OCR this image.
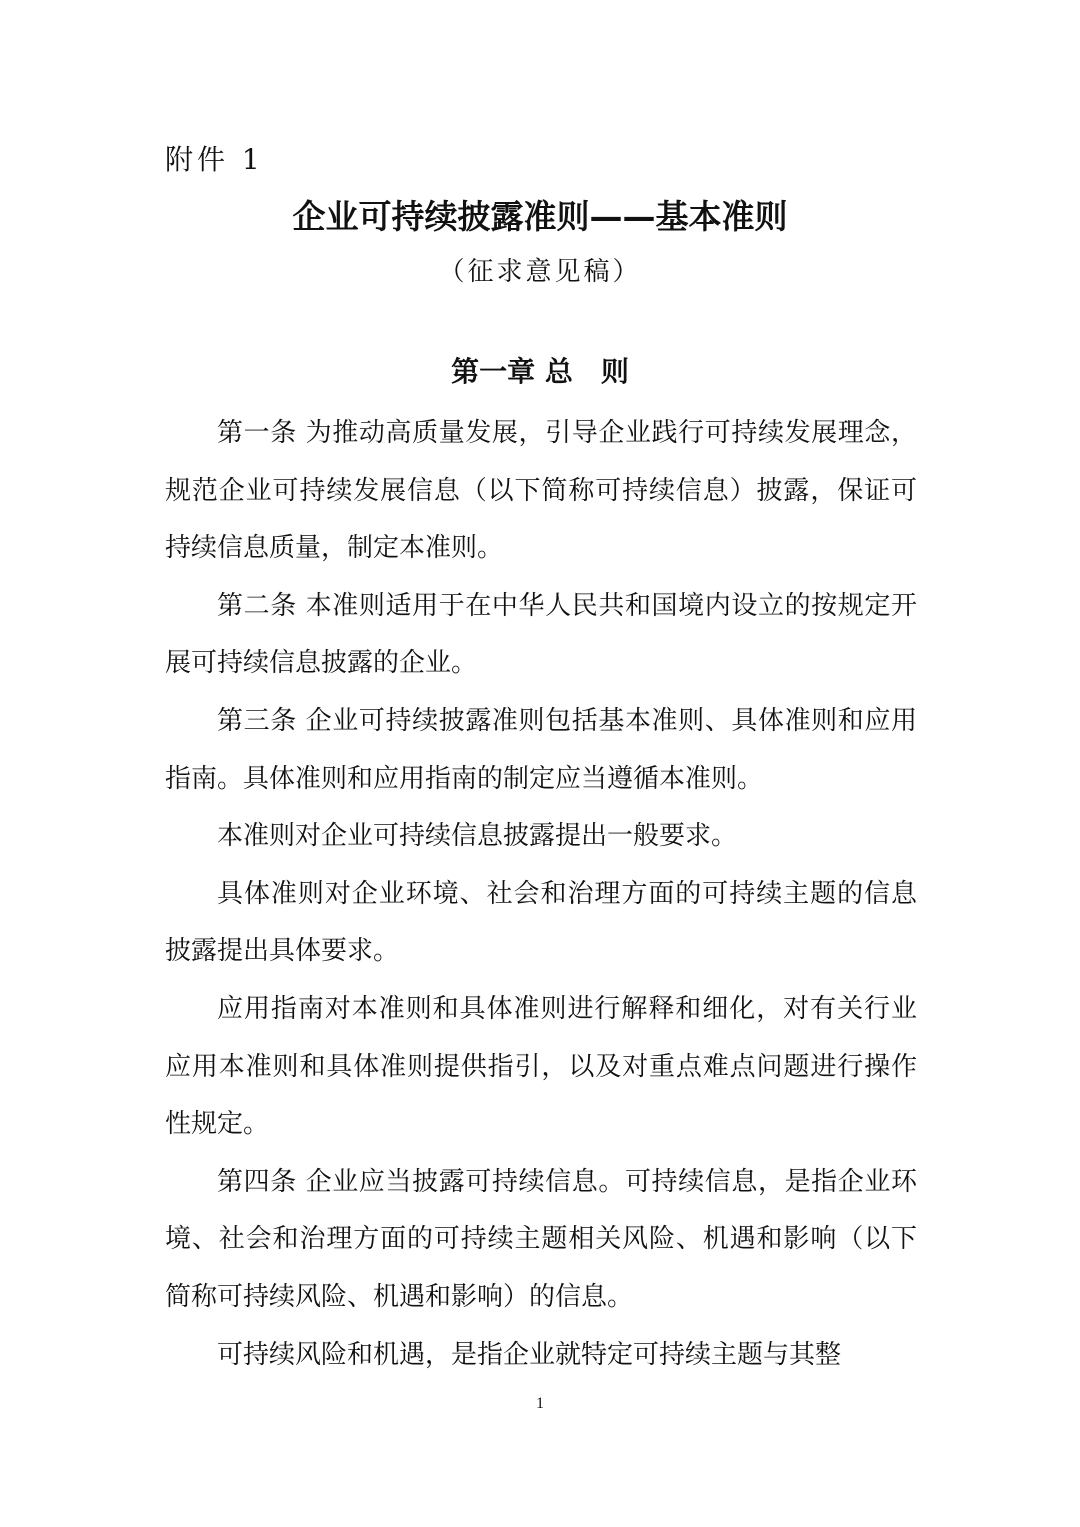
附件 1
企业可持续披露准则——基本准则
（征求意见稿）
第一章 总　则

第一条 为推动高质量发展，引导企业践行可持续发展理念，规范企业可持续发展信息（以下简称可持续信息）披露，保证可持续信息质量，制定本准则。

第二条 本准则适用于在中华人民共和国境内设立的按规定开展可持续信息披露的企业。

第三条 企业可持续披露准则包括基本准则、具体准则和应用指南。具体准则和应用指南的制定应当遵循本准则。

本准则对企业可持续信息披露提出一般要求。

具体准则对企业环境、社会和治理方面的可持续主题的信息披露提出具体要求。

应用指南对本准则和具体准则进行解释和细化，对有关行业应用本准则和具体准则提供指引，以及对重点难点问题进行操作性规定。

第四条 企业应当披露可持续信息。可持续信息，是指企业环境、社会和治理方面的可持续主题相关风险、机遇和影响（以下简称可持续风险、机遇和影响）的信息。

可持续风险和机遇，是指企业就特定可持续主题与其整

1
